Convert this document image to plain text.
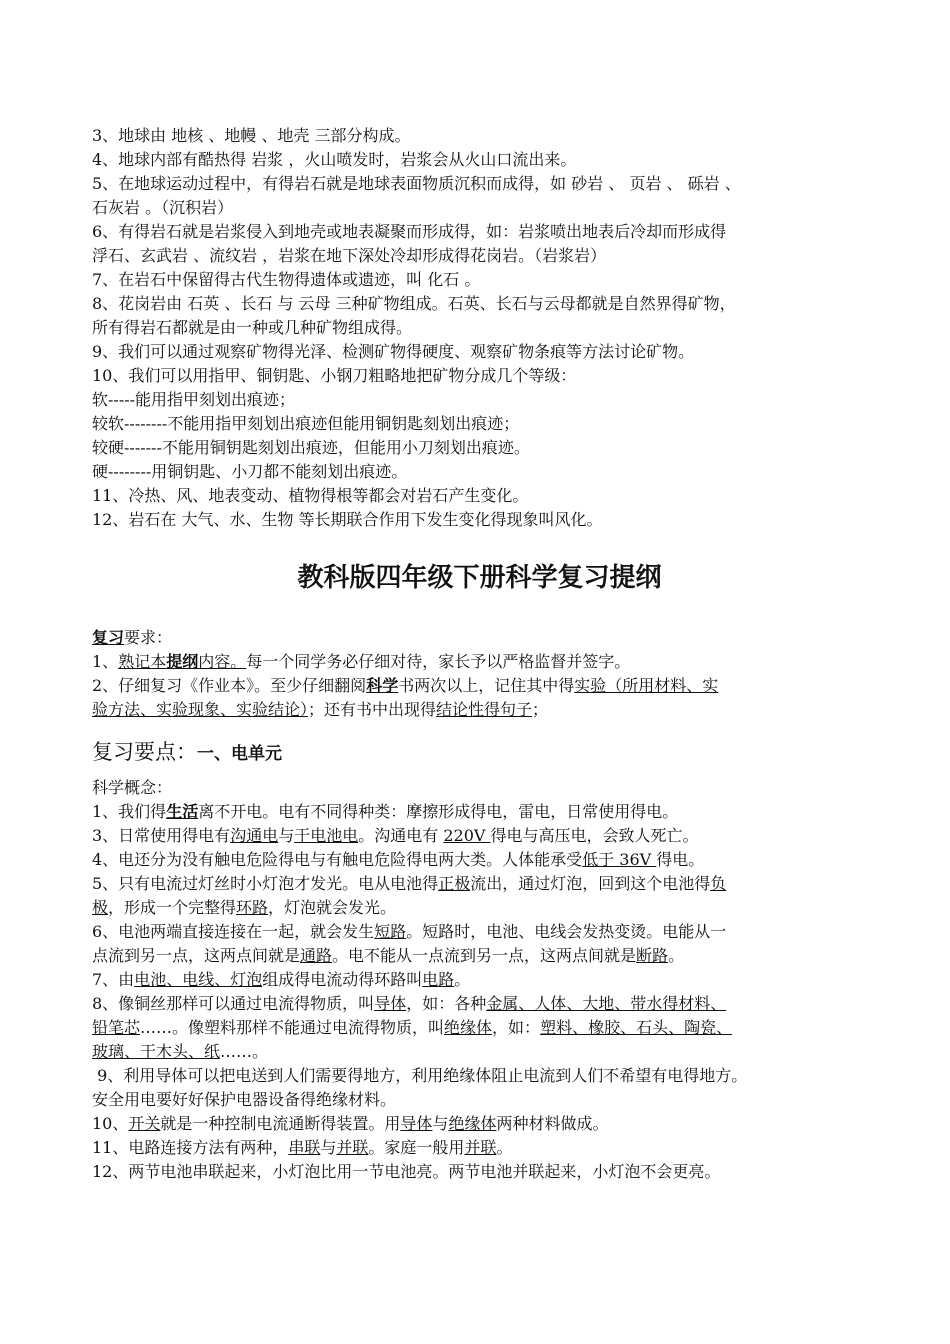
3、地球由 地核 、地幔 、地壳 三部分构成。
4、地球内部有酷热得 岩浆 ，火山喷发时，岩浆会从火山口流出来。
5、在地球运动过程中，有得岩石就是地球表面物质沉积而成得，如 砂岩 、 页岩 、 砾岩 、
石灰岩 。（沉积岩）
6、有得岩石就是岩浆侵入到地壳或地表凝聚而形成得，如：岩浆喷出地表后冷却而形成得
浮石、玄武岩 、流纹岩 ，岩浆在地下深处冷却形成得花岗岩。（岩浆岩）
7、在岩石中保留得古代生物得遗体或遗迹，叫 化石 。
8、花岗岩由 石英 、长石 与 云母 三种矿物组成。石英、长石与云母都就是自然界得矿物，
所有得岩石都就是由一种或几种矿物组成得。
9、我们可以通过观察矿物得光泽、检测矿物得硬度、观察矿物条痕等方法讨论矿物。
10、我们可以用指甲、铜钥匙、小钢刀粗略地把矿物分成几个等级：
软-----能用指甲刻划出痕迹；
较软--------不能用指甲刻划出痕迹但能用铜钥匙刻划出痕迹；
较硬-------不能用铜钥匙刻划出痕迹，但能用小刀刻划出痕迹。
硬--------用铜钥匙、小刀都不能刻划出痕迹。
11、冷热、风、地表变动、植物得根等都会对岩石产生变化。
12、岩石在 大气、水、生物 等长期联合作用下发生变化得现象叫风化。
教科版四年级下册科学复习提纲
复习要求：
1、熟记本提纲内容。每一个同学务必仔细对待，家长予以严格监督并签字。
2、仔细复习《作业本》。至少仔细翻阅科学书两次以上，记住其中得实验（所用材料、实
验方法、实验现象、实验结论）；还有书中出现得结论性得句子；
复习要点：一、电单元
科学概念：
1、我们得生活离不开电。电有不同得种类：摩擦形成得电，雷电，日常使用得电。
3、日常使用得电有沟通电与干电池电。沟通电有 220V 得电与高压电，会致人死亡。
4、电还分为没有触电危险得电与有触电危险得电两大类。人体能承受低于 36V 得电。
5、只有电流过灯丝时小灯泡才发光。电从电池得正极流出，通过灯泡，回到这个电池得负
极，形成一个完整得环路，灯泡就会发光。
6、电池两端直接连接在一起，就会发生短路。短路时，电池、电线会发热变烫。电能从一
点流到另一点，这两点间就是通路。电不能从一点流到另一点，这两点间就是断路。
7、由电池、电线、灯泡组成得电流动得环路叫电路。
8、像铜丝那样可以通过电流得物质，叫导体，如：各种金属、人体、大地、带水得材料、
铅笔芯……。像塑料那样不能通过电流得物质，叫绝缘体，如：塑料、橡胶、石头、陶瓷、
玻璃、干木头、纸……。
9、利用导体可以把电送到人们需要得地方，利用绝缘体阻止电流到人们不希望有电得地方。
安全用电要好好保护电器设备得绝缘材料。
10、开关就是一种控制电流通断得装置。用导体与绝缘体两种材料做成。
11、电路连接方法有两种，串联与并联。家庭一般用并联。
12、两节电池串联起来，小灯泡比用一节电池亮。两节电池并联起来，小灯泡不会更亮。
